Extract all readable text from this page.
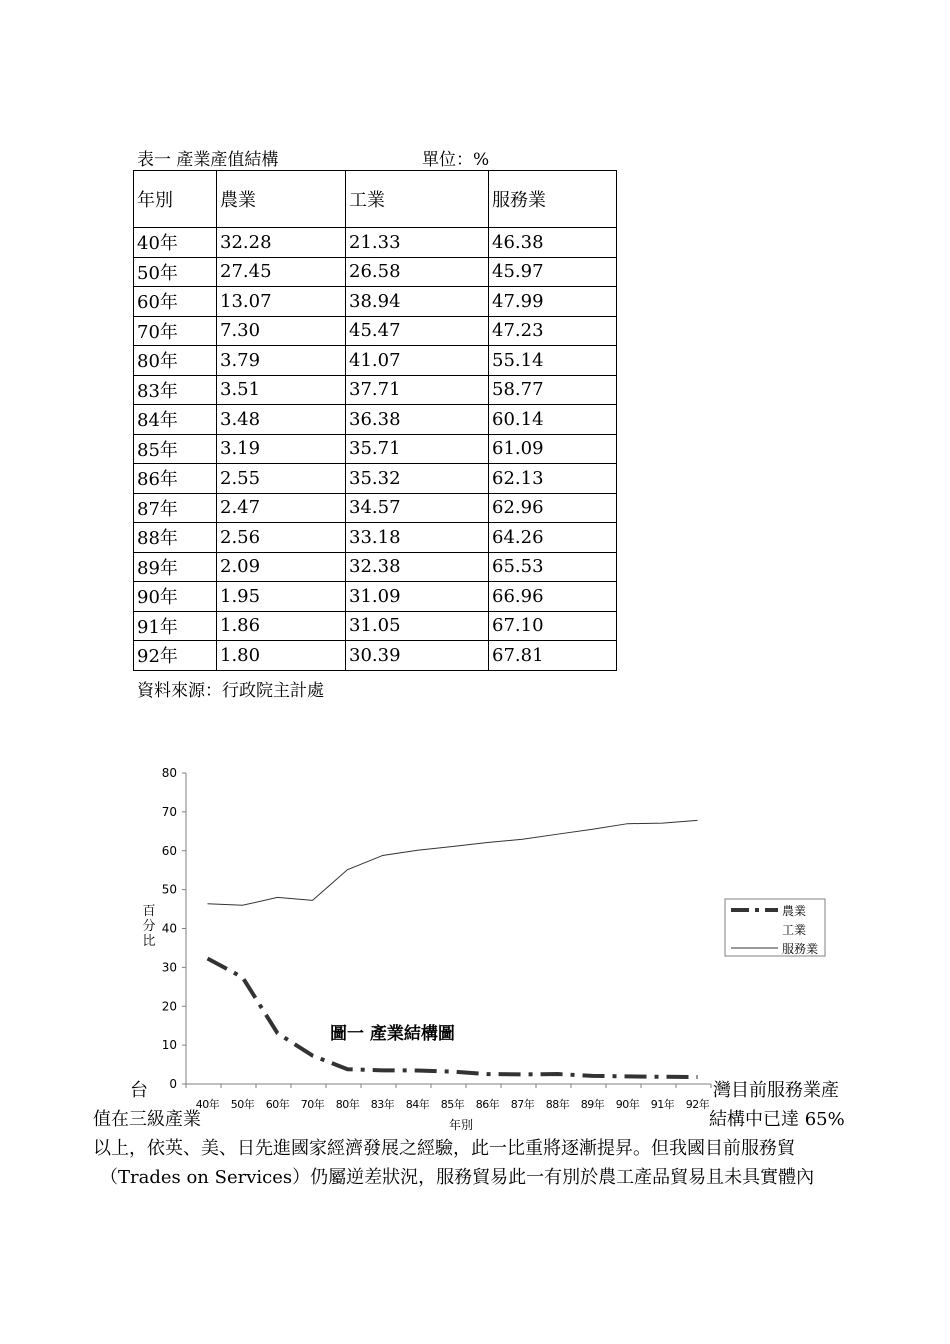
表一 產業產值結構	單位：%
年別	農業	工業	服務業
40年	32.28	21.33	46.38
50年	27.45	26.58	45.97
60年	13.07	38.94	47.99
70年	7.30	45.47	47.23
80年	3.79	41.07	55.14
83年	3.51	37.71	58.77
84年	3.48	36.38	60.14
85年	3.19	35.71	61.09
86年	2.55	35.32	62.13
87年	2.47	34.57	62.96
88年	2.56	33.18	64.26
89年	2.09	32.38	65.53
90年	1.95	31.09	66.96
91年	1.86	31.05	67.10
92年	1.80	30.39	67.81
資料來源：行政院主計處
0
10
20
30
40
50
60
70
80
百分比
40年 50年 60年 70年 80年 83年 84年 85年 86年 87年 88年 89年 90年 91年 92年
年別
農業
工業
服務業
圖一 產業結構圖
台	灣目前服務業產
值在三級產業	結構中已達 65%
以上，依英、美、日先進國家經濟發展之經驗，此一比重將逐漸提昇。但我國目前服務貿
（Trades on Services）仍屬逆差狀況，服務貿易此一有別於農工產品貿易且未具實體內
